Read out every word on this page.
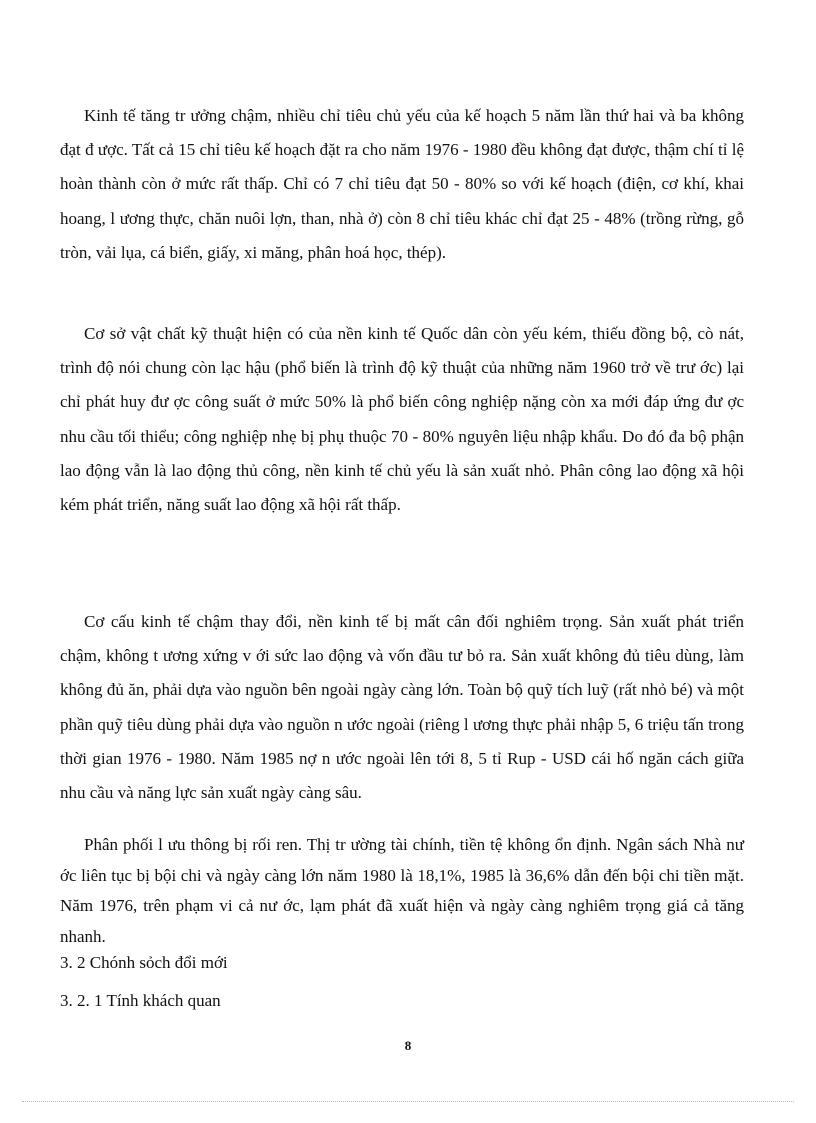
Kinh tế tăng tr ưởng chậm, nhiều chỉ tiêu chủ yếu của kế hoạch 5 năm lần thứ hai và ba không đạt đ ược. Tất cả 15 chỉ tiêu kế hoạch đặt ra cho năm 1976 - 1980 đều không đạt được, thậm chí tỉ lệ hoàn thành còn ở mức rất thấp. Chỉ có 7 chỉ tiêu đạt 50 - 80% so với kế hoạch (điện, cơ khí, khai hoang, l ương thực, chăn nuôi lợn, than, nhà ở) còn 8 chỉ tiêu khác chỉ đạt 25 - 48% (trồng rừng, gỗ tròn, vải lụa, cá biển, giấy, xi măng, phân hoá học, thép).

Cơ sở vật chất kỹ thuật hiện có của nền kinh tế Quốc dân còn yếu kém, thiếu đồng bộ, cò nát, trình độ nói chung còn lạc hậu (phổ biến là trình độ kỹ thuật của những năm 1960 trở về trư ớc) lại chỉ phát huy đư ợc công suất ở mức 50% là phổ biến công nghiệp nặng còn xa mới đáp ứng đư ợc nhu cầu tối thiểu; công nghiệp nhẹ bị phụ thuộc 70 - 80% nguyên liệu nhập khẩu. Do đó đa bộ phận lao động vẫn là lao động thủ công, nền kinh tế chủ yếu là sản xuất nhỏ. Phân công lao động xã hội kém phát triển, năng suất lao động xã hội rất thấp.

Cơ cấu kinh tế chậm thay đổi, nền kinh tế bị mất cân đối nghiêm trọng. Sản xuất phát triển chậm, không t ương xứng v ới sức lao động và vốn đầu tư bỏ ra. Sản xuất không đủ tiêu dùng, làm không đủ ăn, phải dựa vào nguồn bên ngoài ngày càng lớn. Toàn bộ quỹ tích luỹ (rất nhỏ bé) và một phần quỹ tiêu dùng phải dựa vào nguồn n ước ngoài (riêng l ương thực phải nhập 5, 6 triệu tấn trong thời gian 1976 - 1980. Năm 1985 nợ n ước ngoài lên tới 8, 5 tỉ Rup - USD cái hố ngăn cách giữa nhu cầu và năng lực sản xuất ngày càng sâu.

Phân phối l ưu thông bị rối ren. Thị tr ường tài chính, tiền tệ không ổn định. Ngân sách Nhà nư ớc liên tục bị bội chi và ngày càng lớn năm 1980 là 18,1%, 1985 là 36,6% dẫn đến bội chi tiền mặt. Năm 1976, trên phạm vi cả nư ớc, lạm phát đã xuất hiện và ngày càng nghiêm trọng giá cả tăng nhanh.

3. 2 Chónh sỏch đổi mới

3. 2. 1 Tính khách quan

8
